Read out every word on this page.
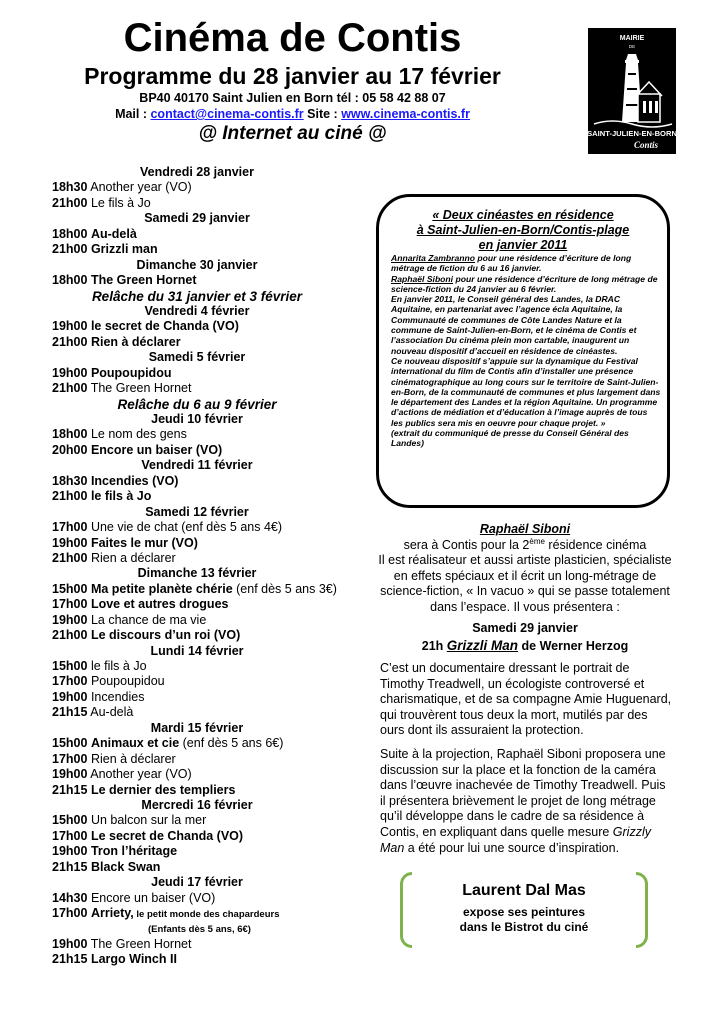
Cinéma de Contis
Programme du 28 janvier au 17 février
BP40 40170 Saint Julien en Born tél : 05 58 42 88 07
Mail : contact@cinema-contis.fr Site : www.cinema-contis.fr
@ Internet au ciné @
MAIRIE
DE
SAINT-JULIEN-EN-BORN
Contis
Vendredi 28 janvier
18h30 Another year (VO)
21h00 Le fils à Jo
Samedi 29 janvier
18h00 Au-delà
21h00 Grizzli man
Dimanche 30 janvier
18h00 The Green Hornet
Relâche du 31 janvier et 3 février
Vendredi 4 février
19h00 le secret de Chanda (VO)
21h00 Rien à déclarer
Samedi 5 février
19h00 Poupoupidou
21h00 The Green Hornet
Relâche du 6 au 9 février
Jeudi 10 février
18h00 Le nom des gens
20h00 Encore un baiser (VO)
Vendredi 11 février
18h30 Incendies (VO)
21h00 le fils à Jo
Samedi 12 février
17h00 Une vie de chat (enf dès 5 ans 4€)
19h00 Faites le mur (VO)
21h00 Rien a déclarer
Dimanche 13 février
15h00 Ma petite planète chérie (enf dès 5 ans 3€)
17h00 Love et autres drogues
19h00 La chance de ma vie
21h00 Le discours d’un roi (VO)
Lundi 14 février
15h00 le fils à Jo
17h00 Poupoupidou
19h00 Incendies
21h15 Au-delà
Mardi 15 février
15h00 Animaux et cie (enf dès 5 ans 6€)
17h00 Rien à déclarer
19h00 Another year (VO)
21h15 Le dernier des templiers
Mercredi 16 février
15h00 Un balcon sur la mer
17h00 Le secret de Chanda (VO)
19h00 Tron l’héritage
21h15 Black Swan
Jeudi 17 février
14h30 Encore un baiser (VO)
17h00 Arriety, le petit monde des chapardeurs
(Enfants dès 5 ans, 6€)
19h00 The Green Hornet
21h15 Largo Winch II
« Deux cinéastes en résidence
à Saint-Julien-en-Born/Contis-plage
en janvier 2011
Annarita Zambranno pour une résidence d’écriture de long métrage de fiction du 6 au 16 janvier.
Raphaël Siboni pour une résidence d’écriture de long métrage de science-fiction du 24 janvier au 6 février.
En janvier 2011, le Conseil général des Landes, la DRAC Aquitaine, en partenariat avec l’agence écla Aquitaine, la Communauté de communes de Côte Landes Nature et la commune de Saint-Julien-en-Born, et le cinéma de Contis et l’association Du cinéma plein mon cartable, inaugurent un nouveau dispositif d’accueil en résidence de cinéastes.
Ce nouveau dispositif s’appuie sur la dynamique du Festival international du film de Contis afin d’installer une présence cinématographique au long cours sur le territoire de Saint-Julien-en-Born, de la communauté de communes et plus largement dans le département des Landes et la région Aquitaine. Un programme d’actions de médiation et d’éducation à l’image auprès de tous les publics sera mis en oeuvre pour chaque projet. »
(extrait du communiqué de presse du Conseil Général des Landes)
Raphaël Siboni
sera à Contis pour la 2ème résidence cinéma
Il est réalisateur et aussi artiste plasticien, spécialiste en effets spéciaux et il écrit un long-métrage de science-fiction, « In vacuo » qui se passe totalement dans l’espace. Il vous présentera :
Samedi 29 janvier
21h Grizzli Man de Werner Herzog
C’est un documentaire dressant le portrait de Timothy Treadwell, un écologiste controversé et charismatique, et de sa compagne Amie Huguenard, qui trouvèrent tous deux la mort, mutilés par des ours dont ils assuraient la protection.
Suite à la projection, Raphaël Siboni proposera une discussion sur la place et la fonction de la caméra dans l’œuvre inachevée de Timothy Treadwell. Puis il présentera brièvement le projet de long métrage qu’il développe dans le cadre de sa résidence à Contis, en expliquant dans quelle mesure Grizzly Man a été pour lui une source d’inspiration.
Laurent Dal Mas
expose ses peintures
dans le Bistrot du ciné
